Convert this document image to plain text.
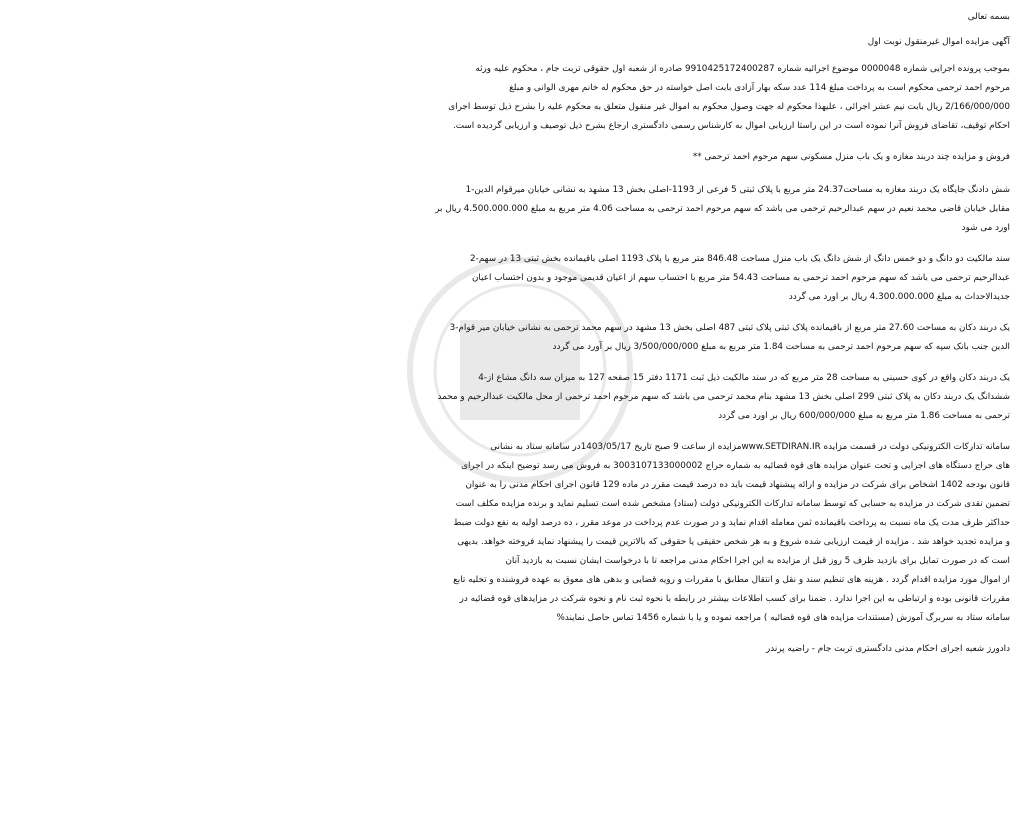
بسمه تعالی
آگهی مزایده اموال غیرمنقول نوبت اول
بموجب پرونده اجرایی شماره 0000048 موضوع اجرائیه شماره 9910425172400287 صادره از شعبه اول حقوقی تربت جام ، محکوم علیه ورثه
مرحوم احمد ترحمی محکوم است به پرداخت مبلغ 114 عدد سکه بهار آزادی بابت اصل خواسته در حق محکوم له خانم مهری الوانی و مبلغ
2/166/000/000 ریال بابت نیم عشر اجرائی ، علیهذا محکوم له جهت وصول محکوم به اموال غیر منقول متعلق به محکوم علیه را بشرح ذیل توسط اجرای
احکام توقیف، تقاضای فروش آنرا نموده است در این راستا ارزیابی اموال به کارشناس رسمی دادگستری ارجاع بشرح ذیل توصیف و ارزیابی گردیده است.
فروش و مزایده چند دربند مغازه و یک باب منزل مسکونی سهم مرحوم احمد ترحمی **
شش دادنگ جایگاه یک دربند مغازه به مساحت24.37 متر مربع با پلاک ثبتی 5 فرعی از 1193-اصلی بخش 13 مشهد به نشانی خیابان میرقوام الدین-1
مقابل خیابان قاضی محمد نعیم در سهم عبدالرحیم ترحمی می باشد که سهم مرحوم احمد ترحمی به مساحت 4.06 متر مربع به مبلغ 4.500.000.000 ریال بر
اورد می شود
سند مالکیت دو دانگ و دو خمس دانگ از شش دانگ یک باب منزل مساحت 846.48 متر مربع با پلاک 1193 اصلی باقیمانده بخش ثبتی 13 در سهم-2
عبدالرحیم ترحمی می باشد که سهم مرحوم احمد ترحمی به مساحت 54.43 متر مربع با احتساب سهم از اعیان قدیمی موجود و بدون احتساب اعیان
جدیدالاحداث به مبلغ 4.300.000.000 ریال بر اورد می گردد
یک دربند دکان به مساحت 27.60 متر مربع از باقیمانده پلاک ثبتی پلاک ثبتی 487 اصلی بخش 13 مشهد در سهم محمد ترحمی به نشانی خیابان میر قوام-3
الدین جنب بانک سپه که سهم مرحوم احمد ترحمی به مساحت 1.84 متر مربع به مبلغ 3/500/000/000 ریال بر آورد می گردد
یک دربند دکان واقع در کوی حسینی به مساحت 28 متر مربع که در سند مالکیت ذیل ثبت 1171 دفتر 15 صفحه 127 به میزان سه دانگ مشاع از-4
ششدانگ یک دربند دکان به پلاک ثبتی 299 اصلی بخش 13 مشهد بنام محمد ترحمی می باشد که سهم مرحوم احمد ترحمی از محل مالکیت عبدالرحیم و محمد
ترحمی به مساحت 1.86 متر مربع به مبلغ 600/000/000 ریال بر اورد می گردد
سامانه تدارکات الکترونیکی دولت در قسمت مزایده www.SETDIRAN.IRمزایده از ساعت 9 صبح تاریخ 1403/05/17در سامانه ستاد به نشانی
های حراج دستگاه های اجرایی و تحت عنوان مزایده های قوه قضائیه به شماره حراج 3003107133000002 به فروش می رسد توضیح اینکه در اجرای
قانون بودجه 1402 اشخاص برای شرکت در مزایده و ارائه پیشنهاد قیمت باید ده درصد قیمت مقرر در ماده 129 قانون اجرای احکام مدنی را به عنوان
تضمین نقدی شرکت در مزایده به حسابی که توسط سامانه تدارکات الکترونیکی دولت (ستاد) مشخص شده است تسلیم نماید و برنده مزایده مکلف است
حداکثر ظرف مدت یک ماه نسبت به پرداخت باقیمانده ثمن معامله اقدام نماید و در صورت عدم پرداخت در موعد مقرر ، ده درصد اولیه به نفع دولت ضبط
و مزایده تجدید خواهد شد . مزایده از قیمت ارزیابی شده شروع و به هر شخص حقیقی یا حقوقی که بالاترین قیمت را پیشنهاد نماید فروخته خواهد. بدیهی
است که در صورت تمایل برای بازدید ظرف 5 روز قبل از مزایده به این اجرا احکام مدنی مراجعه تا با درخواست ایشان نسبت به بازدید آنان
از اموال مورد مزایده اقدام گردد . هزینه های تنظیم سند و نقل و انتقال مطابق با مقررات و رویه قضایی و بدهی های معوق به عهده فروشنده و تخلیه تابع
مقررات قانونی بوده و ارتباطی به این اجرا ندارد . ضمنا برای کسب اطلاعات بیشتر در رابطه با نحوه ثبت نام و نحوه شرکت در مزایدهای قوه قضائیه در
سامانه ستاد به سربرگ آموزش (مستندات مزایده های قوه قضائیه ) مراجعه نموده و یا با شماره 1456 تماس حاصل نمایند%
دادورز شعبه اجرای احکام مدنی دادگستری تربت جام - راضیه پرندر
